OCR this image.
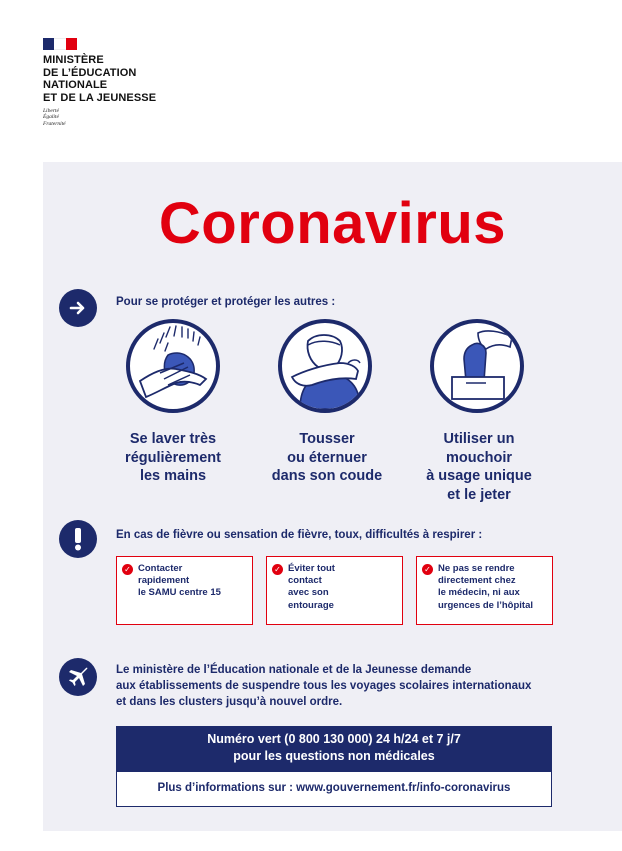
MINISTÈRE
DE L’ÉDUCATION
NATIONALE
ET DE LA JEUNESSE
Liberté
Égalité
Fraternité
Coronavirus
Pour se protéger et protéger les autres :
Se laver très
régulièrement
les mains
Tousser
ou éternuer
dans son coude
Utiliser un
mouchoir
à usage unique
et le jeter
En cas de fièvre ou sensation de fièvre, toux, difficultés à respirer :
✓ Contacter
rapidement
le SAMU centre 15
✓ Éviter tout
contact
avec son
entourage
✓ Ne pas se rendre
directement chez
le médecin, ni aux
urgences de l’hôpital
Le ministère de l’Éducation nationale et de la Jeunesse demande
aux établissements de suspendre tous les voyages scolaires internationaux
et dans les clusters jusqu’à nouvel ordre.
Numéro vert (0 800 130 000) 24 h/24 et 7 j/7
pour les questions non médicales
Plus d’informations sur : www.gouvernement.fr/info-coronavirus
